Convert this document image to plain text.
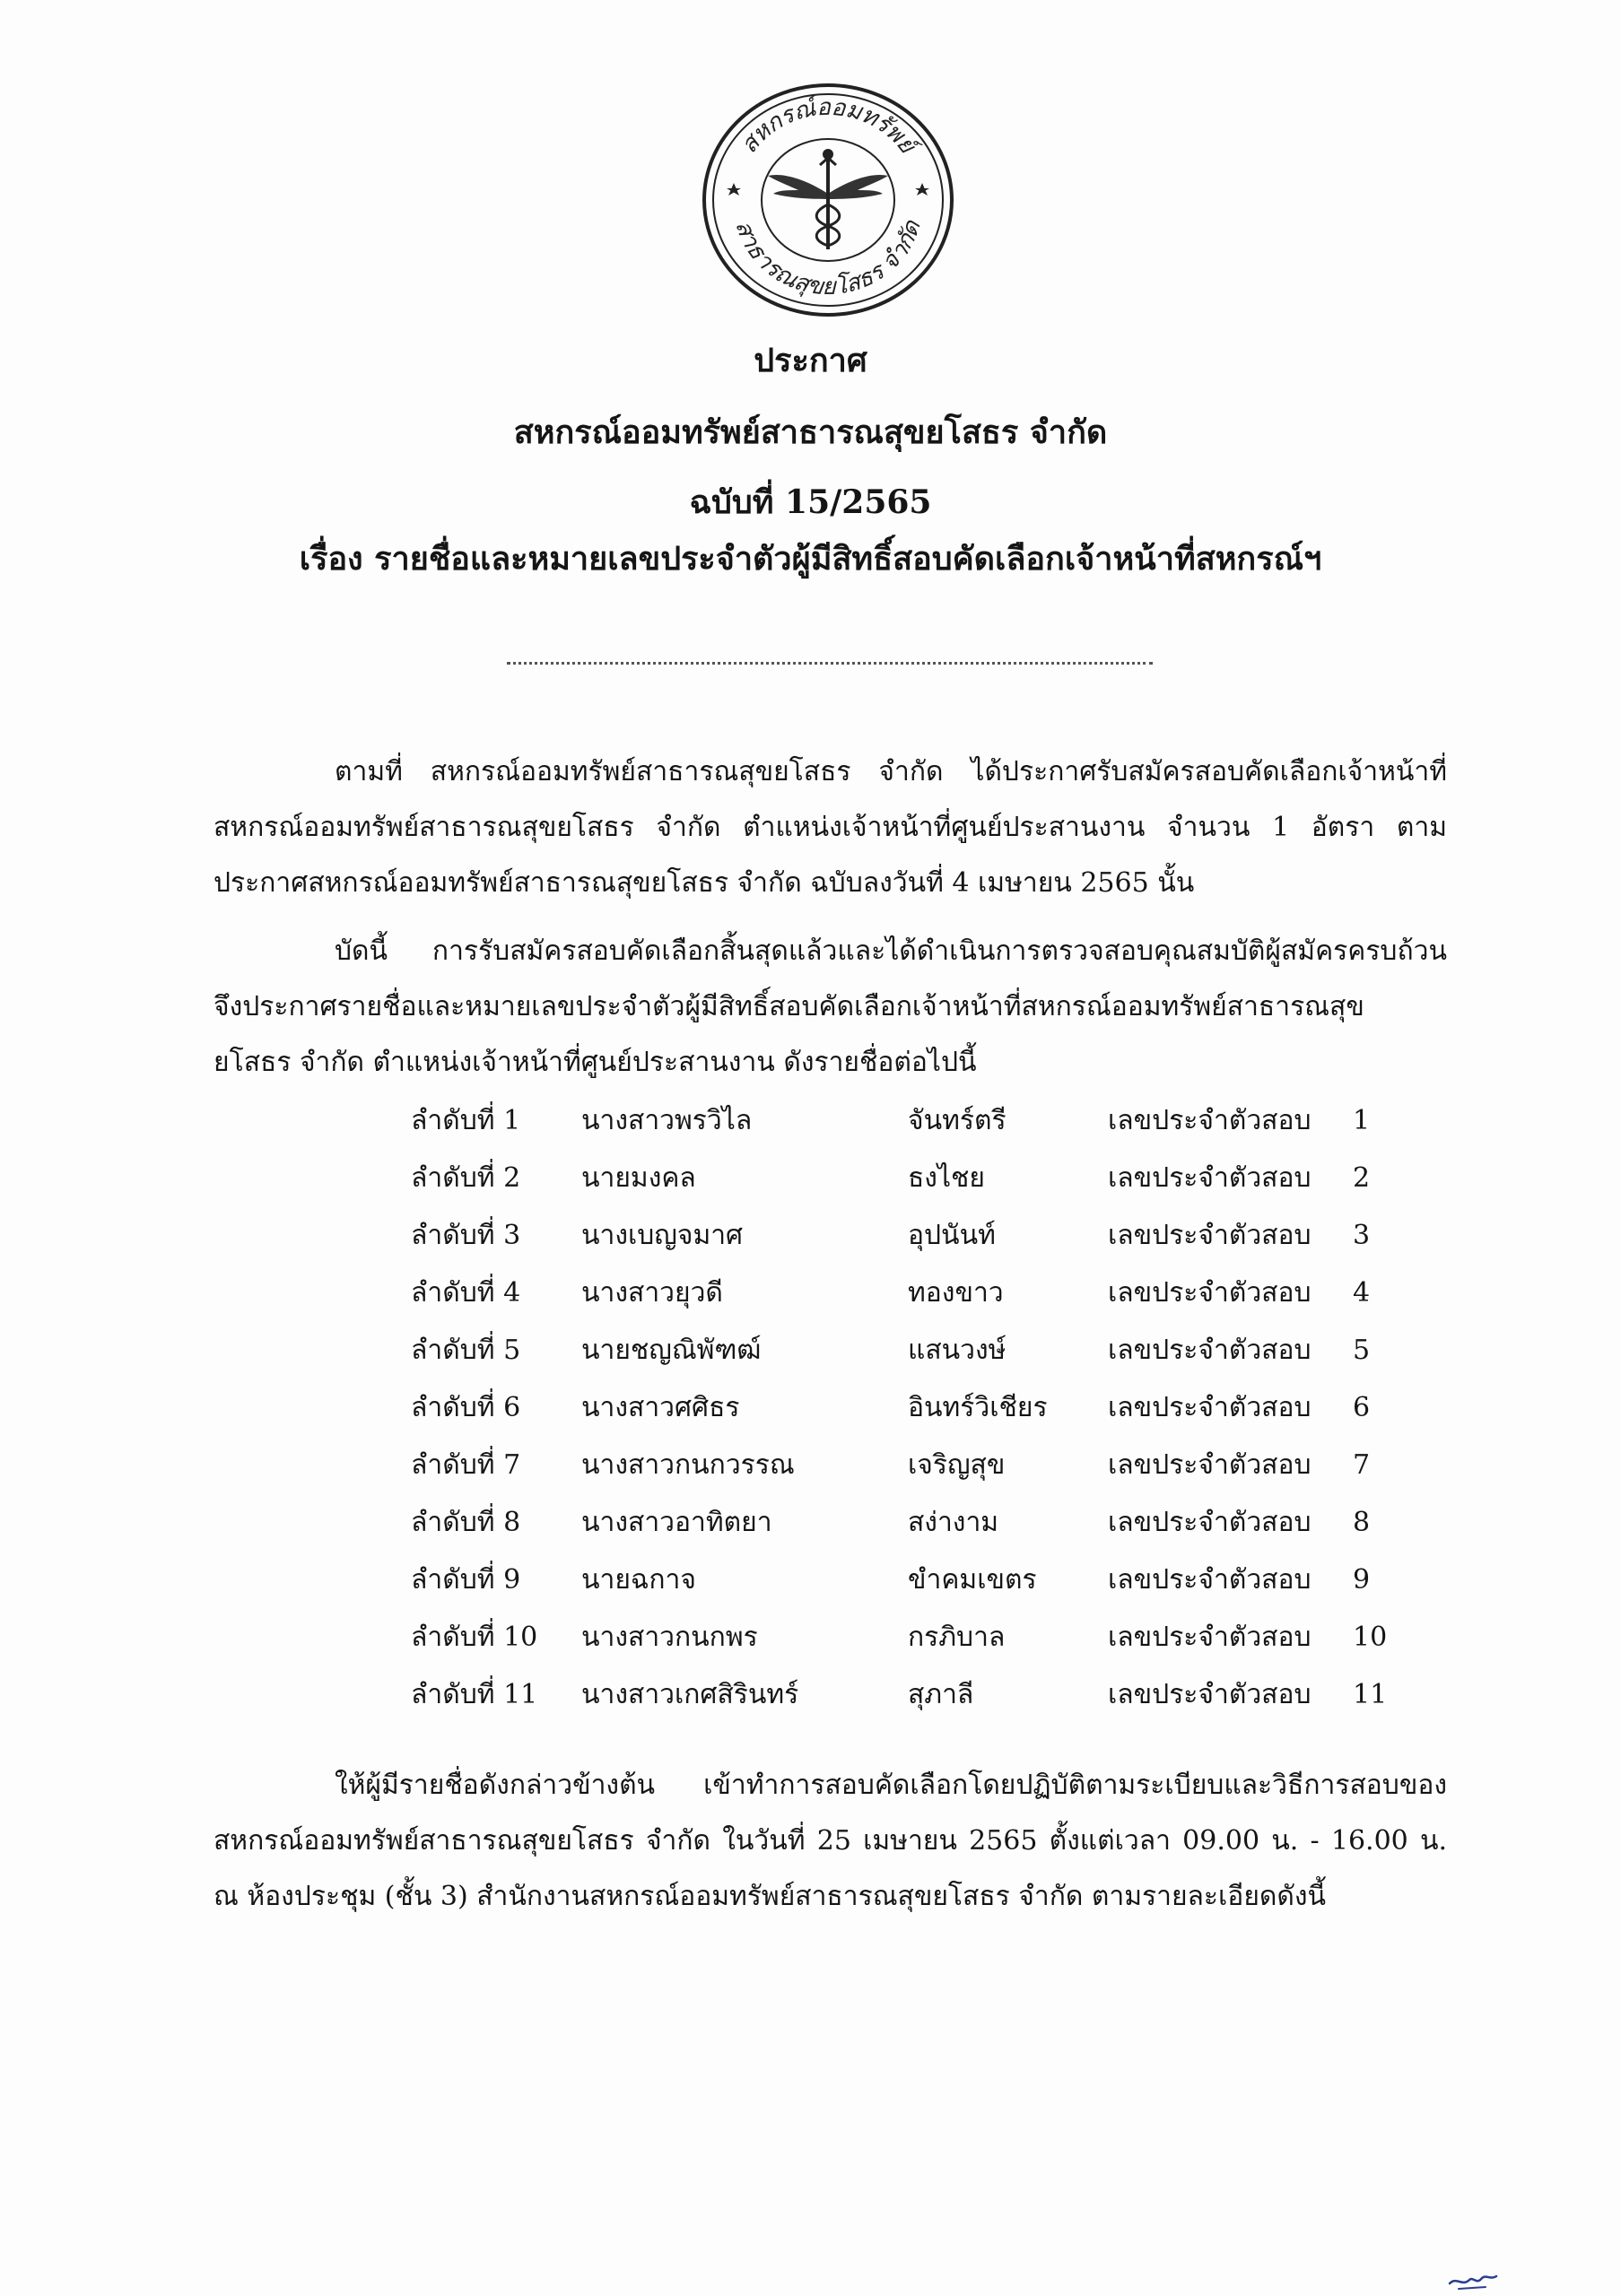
สหกรณ์ออมทรัพย์
สาธารณสุขยโสธร จำกัด
ประกาศ
สหกรณ์ออมทรัพย์สาธารณสุขยโสธร จำกัด
ฉบับที่ 15/2565
เรื่อง รายชื่อและหมายเลขประจำตัวผู้มีสิทธิ์สอบคัดเลือกเจ้าหน้าที่สหกรณ์ฯ
ตามที่ สหกรณ์ออมทรัพย์สาธารณสุขยโสธร จำกัด ได้ประกาศรับสมัครสอบคัดเลือกเจ้าหน้าที่
สหกรณ์ออมทรัพย์สาธารณสุขยโสธร จำกัด ตำแหน่งเจ้าหน้าที่ศูนย์ประสานงาน จำนวน 1 อัตรา ตาม
ประกาศสหกรณ์ออมทรัพย์สาธารณสุขยโสธร จำกัด ฉบับลงวันที่ 4 เมษายน 2565 นั้น
บัดนี้ การรับสมัครสอบคัดเลือกสิ้นสุดแล้วและได้ดำเนินการตรวจสอบคุณสมบัติผู้สมัครครบถ้วน
จึงประกาศรายชื่อและหมายเลขประจำตัวผู้มีสิทธิ์สอบคัดเลือกเจ้าหน้าที่สหกรณ์ออมทรัพย์สาธารณสุข
ยโสธร จำกัด ตำแหน่งเจ้าหน้าที่ศูนย์ประสานงาน ดังรายชื่อต่อไปนี้
ลำดับที่ 1 นางสาวพรวิไล	จันทร์ตรี	เลขประจำตัวสอบ 1
ลำดับที่ 2 นายมงคล	ธงไชย	เลขประจำตัวสอบ 2
ลำดับที่ 3 นางเบญจมาศ	อุปนันท์	เลขประจำตัวสอบ 3
ลำดับที่ 4 นางสาวยุวดี	ทองขาว	เลขประจำตัวสอบ 4
ลำดับที่ 5 นายชญณิพัฑฒ์	แสนวงษ์	เลขประจำตัวสอบ 5
ลำดับที่ 6 นางสาวศศิธร	อินทร์วิเชียร เลขประจำตัวสอบ 6
ลำดับที่ 7 นางสาวกนกวรรณ	เจริญสุข	เลขประจำตัวสอบ 7
ลำดับที่ 8 นางสาวอาทิตยา	สง่างาม	เลขประจำตัวสอบ 8
ลำดับที่ 9 นายฉกาจ	ขำคมเขตร	เลขประจำตัวสอบ 9
ลำดับที่ 10 นางสาวกนกพร	กรภิบาล	เลขประจำตัวสอบ 10
ลำดับที่ 11 นางสาวเกศสิรินทร์	สุภาลี	เลขประจำตัวสอบ 11
ให้ผู้มีรายชื่อดังกล่าวข้างต้น เข้าทำการสอบคัดเลือกโดยปฏิบัติตามระเบียบและวิธีการสอบของ
สหกรณ์ออมทรัพย์สาธารณสุขยโสธร จำกัด ในวันที่ 25 เมษายน 2565 ตั้งแต่เวลา 09.00 น. - 16.00 น.
ณ ห้องประชุม (ชั้น 3) สำนักงานสหกรณ์ออมทรัพย์สาธารณสุขยโสธร จำกัด ตามรายละเอียดดังนี้
